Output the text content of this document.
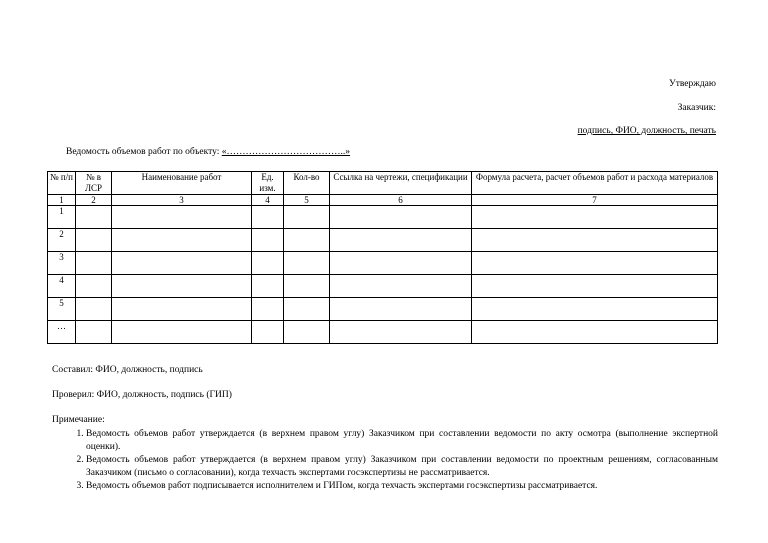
Утверждаю
Заказчик:
подпись, ФИО, должность, печать
Ведомость объемов работ по объекту: «………………………………..»
№ п/п	№ в ЛСР	Наименование работ	Ед. изм.	Кол-во	Ссылка на чертежи, спецификации	Формула расчета, расчет объемов работ и расхода материалов
1	2	3	4	5	6	7
1						
2						
3						
4						
5						
…						
Составил: ФИО, должность, подпись
Проверил: ФИО, должность, подпись (ГИП)
Примечание:
1. Ведомость объемов работ утверждается (в верхнем правом углу) Заказчиком при составлении ведомости по акту осмотра (выполнение экспертной оценки).
2. Ведомость объемов работ утверждается (в верхнем правом углу) Заказчиком при составлении ведомости по проектным решениям, согласованным Заказчиком (письмо о согласовании), когда техчасть экспертами госэкспертизы не рассматривается.
3. Ведомость объемов работ подписывается исполнителем и ГИПом, когда техчасть экспертами госэкспертизы рассматривается.
